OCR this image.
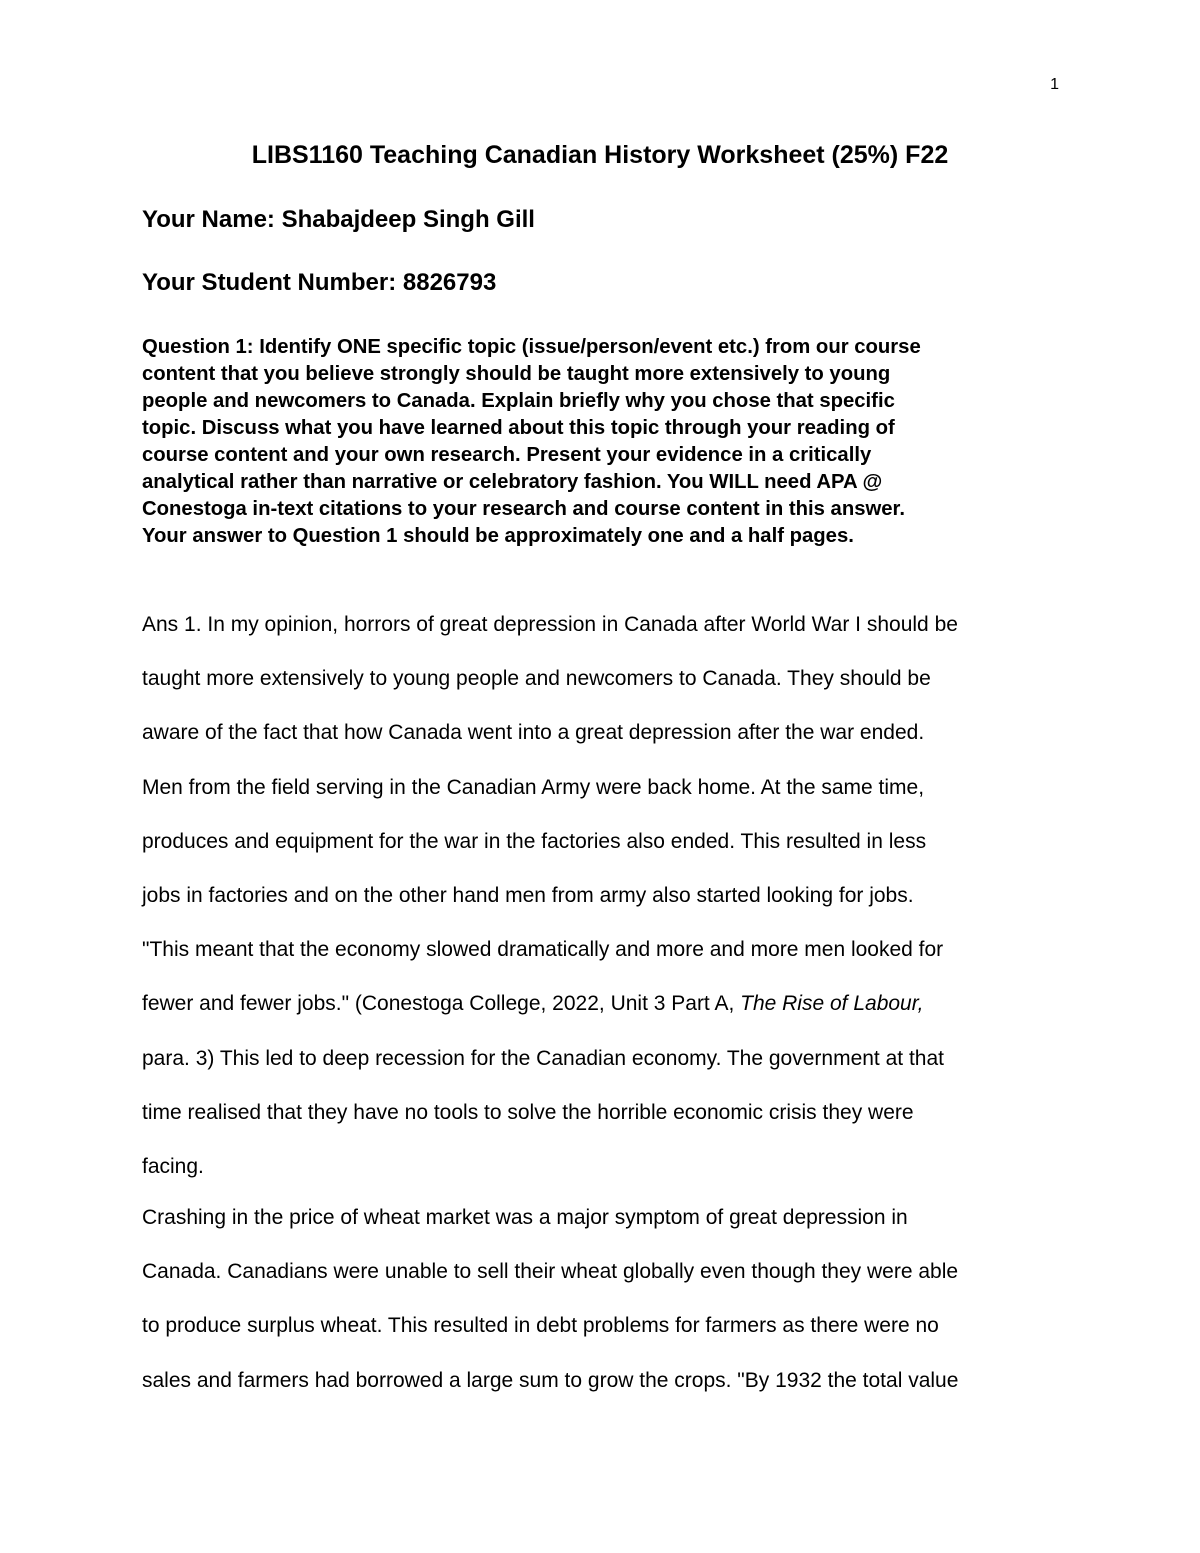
1
LIBS1160 Teaching Canadian History Worksheet (25%) F22

Your Name: Shabajdeep Singh Gill

Your Student Number: 8826793

Question 1: Identify ONE specific topic (issue/person/event etc.) from our course
content that you believe strongly should be taught more extensively to young
people and newcomers to Canada. Explain briefly why you chose that specific
topic. Discuss what you have learned about this topic through your reading of
course content and your own research. Present your evidence in a critically
analytical rather than narrative or celebratory fashion. You WILL need APA @
Conestoga in-text citations to your research and course content in this answer.
Your answer to Question 1 should be approximately one and a half pages.

Ans 1. In my opinion, horrors of great depression in Canada after World War I should be
taught more extensively to young people and newcomers to Canada. They should be
aware of the fact that how Canada went into a great depression after the war ended.
Men from the field serving in the Canadian Army were back home. At the same time,
produces and equipment for the war in the factories also ended. This resulted in less
jobs in factories and on the other hand men from army also started looking for jobs.
"This meant that the economy slowed dramatically and more and more men looked for
fewer and fewer jobs." (Conestoga College, 2022, Unit 3 Part A, The Rise of Labour,
para. 3) This led to deep recession for the Canadian economy. The government at that
time realised that they have no tools to solve the horrible economic crisis they were
facing.

Crashing in the price of wheat market was a major symptom of great depression in
Canada. Canadians were unable to sell their wheat globally even though they were able
to produce surplus wheat. This resulted in debt problems for farmers as there were no
sales and farmers had borrowed a large sum to grow the crops. "By 1932 the total value
